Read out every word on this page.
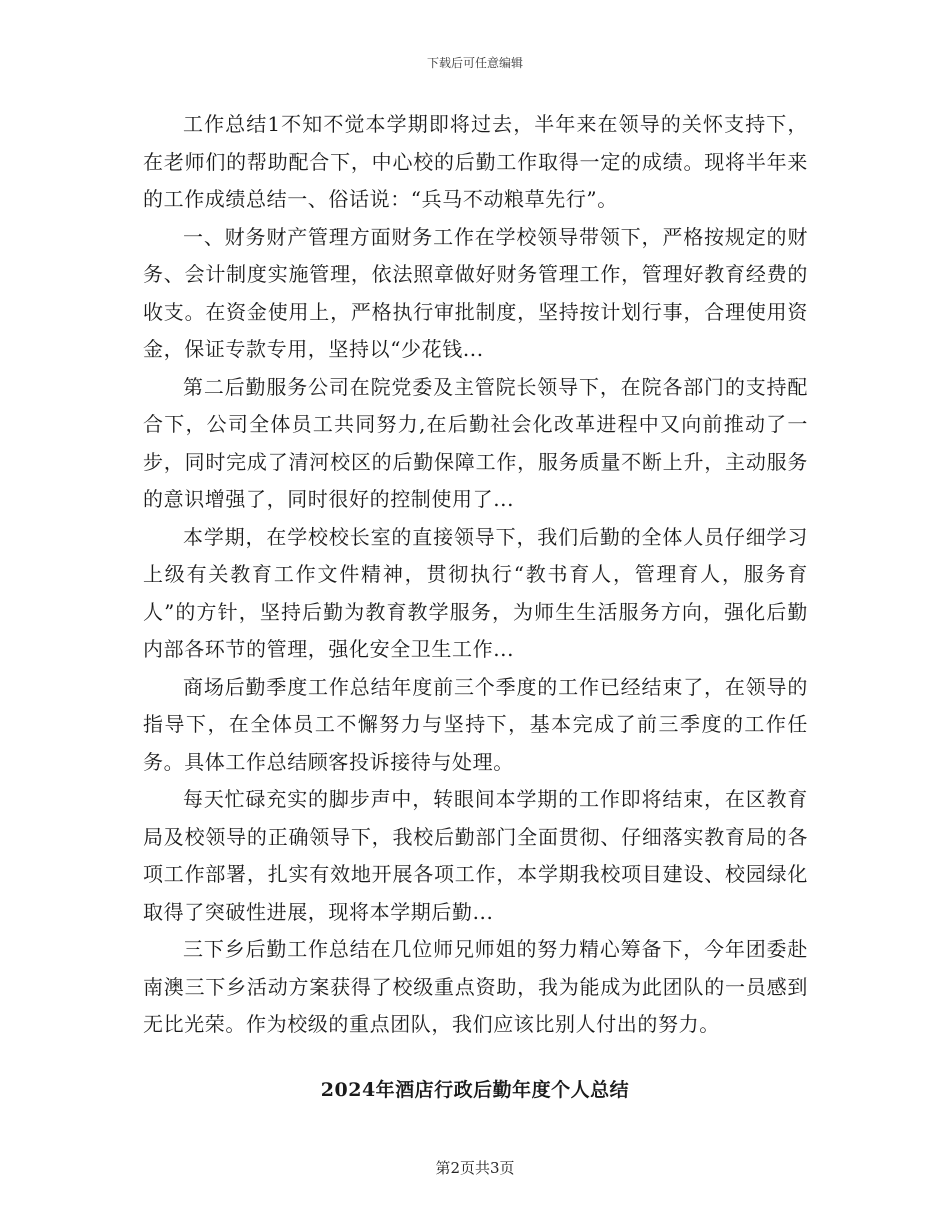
下载后可任意编辑

工作总结1不知不觉本学期即将过去，半年来在领导的关怀支持下，在老师们的帮助配合下，中心校的后勤工作取得一定的成绩。现将半年来的工作成绩总结一、俗话说：“兵马不动粮草先行”。

一、财务财产管理方面财务工作在学校领导带领下，严格按规定的财务、会计制度实施管理，依法照章做好财务管理工作，管理好教育经费的收支。在资金使用上，严格执行审批制度，坚持按计划行事，合理使用资金，保证专款专用，坚持以“少花钱...

第二后勤服务公司在院党委及主管院长领导下，在院各部门的支持配合下，公司全体员工共同努力,在后勤社会化改革进程中又向前推动了一步，同时完成了清河校区的后勤保障工作，服务质量不断上升，主动服务的意识增强了，同时很好的控制使用了...

本学期，在学校校长室的直接领导下，我们后勤的全体人员仔细学习上级有关教育工作文件精神，贯彻执行“教书育人，管理育人，服务育人”的方针，坚持后勤为教育教学服务，为师生生活服务方向，强化后勤内部各环节的管理，强化安全卫生工作...

商场后勤季度工作总结年度前三个季度的工作已经结束了，在领导的指导下，在全体员工不懈努力与坚持下，基本完成了前三季度的工作任务。具体工作总结顾客投诉接待与处理。

每天忙碌充实的脚步声中，转眼间本学期的工作即将结束，在区教育局及校领导的正确领导下，我校后勤部门全面贯彻、仔细落实教育局的各项工作部署，扎实有效地开展各项工作，本学期我校项目建设、校园绿化取得了突破性进展，现将本学期后勤...

三下乡后勤工作总结在几位师兄师姐的努力精心筹备下，今年团委赴南澳三下乡活动方案获得了校级重点资助，我为能成为此团队的一员感到无比光荣。作为校级的重点团队，我们应该比别人付出的努力。

2024年酒店行政后勤年度个人总结
第2页共3页
